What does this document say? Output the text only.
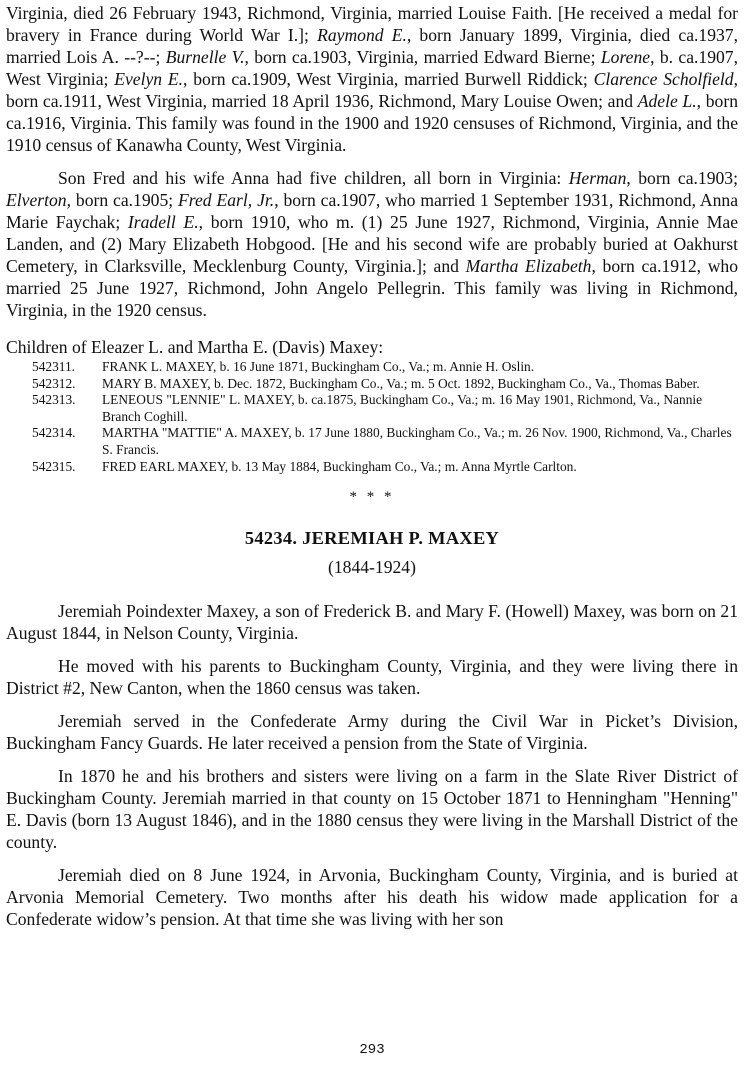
Virginia, died 26 February 1943, Richmond, Virginia, married Louise Faith. [He received a medal for bravery in France during World War I.]; Raymond E., born January 1899, Virginia, died ca.1937, married Lois A. --?--; Burnelle V., born ca.1903, Virginia, married Edward Bierne; Lorene, b. ca.1907, West Virginia; Evelyn E., born ca.1909, West Virginia, married Burwell Riddick; Clarence Scholfield, born ca.1911, West Virginia, married 18 April 1936, Richmond, Mary Louise Owen; and Adele L., born ca.1916, Virginia. This family was found in the 1900 and 1920 censuses of Richmond, Virginia, and the 1910 census of Kanawha County, West Virginia.

Son Fred and his wife Anna had five children, all born in Virginia: Herman, born ca.1903; Elverton, born ca.1905; Fred Earl, Jr., born ca.1907, who married 1 September 1931, Richmond, Anna Marie Faychak; Iradell E., born 1910, who m. (1) 25 June 1927, Richmond, Virginia, Annie Mae Landen, and (2) Mary Elizabeth Hobgood. [He and his second wife are probably buried at Oakhurst Cemetery, in Clarksville, Mecklenburg County, Virginia.]; and Martha Elizabeth, born ca.1912, who married 25 June 1927, Richmond, John Angelo Pellegrin. This family was living in Richmond, Virginia, in the 1920 census.

Children of Eleazer L. and Martha E. (Davis) Maxey:

542311.	FRANK L. MAXEY, b. 16 June 1871, Buckingham Co., Va.; m. Annie H. Oslin.
542312.	MARY B. MAXEY, b. Dec. 1872, Buckingham Co., Va.; m. 5 Oct. 1892, Buckingham Co., Va., Thomas Baber.
542313.	LENEOUS "LENNIE" L. MAXEY, b. ca.1875, Buckingham Co., Va.; m. 16 May 1901, Richmond, Va., Nannie Branch Coghill.
542314.	MARTHA "MATTIE" A. MAXEY, b. 17 June 1880, Buckingham Co., Va.; m. 26 Nov. 1900, Richmond, Va., Charles S. Francis.
542315.	FRED EARL MAXEY, b. 13 May 1884, Buckingham Co., Va.; m. Anna Myrtle Carlton.
* * *
54234. JEREMIAH P. MAXEY
(1844-1924)

Jeremiah Poindexter Maxey, a son of Frederick B. and Mary F. (Howell) Maxey, was born on 21 August 1844, in Nelson County, Virginia.

He moved with his parents to Buckingham County, Virginia, and they were living there in District #2, New Canton, when the 1860 census was taken.

Jeremiah served in the Confederate Army during the Civil War in Picket’s Division, Buckingham Fancy Guards. He later received a pension from the State of Virginia.

In 1870 he and his brothers and sisters were living on a farm in the Slate River District of Buckingham County. Jeremiah married in that county on 15 October 1871 to Henningham "Henning" E. Davis (born 13 August 1846), and in the 1880 census they were living in the Marshall District of the county.

Jeremiah died on 8 June 1924, in Arvonia, Buckingham County, Virginia, and is buried at Arvonia Memorial Cemetery. Two months after his death his widow made application for a Confederate widow’s pension. At that time she was living with her son

293
